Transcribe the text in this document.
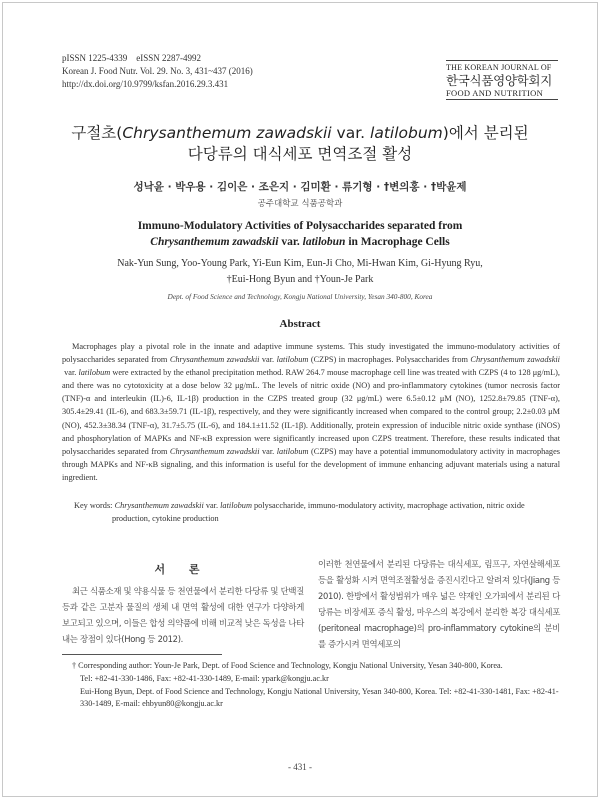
pISSN 1225-4339    eISSN 2287-4992
Korean J. Food Nutr. Vol. 29. No. 3, 431~437 (2016)
http://dx.doi.org/10.9799/ksfan.2016.29.3.431
THE KOREAN JOURNAL OF
한국식품영양학회지
FOOD AND NUTRITION
구절초(Chrysanthemum zawadskii var. latilobum)에서 분리된
다당류의 대식세포 면역조절 활성
성낙윤 · 박우용 · 김이은 · 조은지 · 김미환 · 류기형 · †변의홍 · †박윤제
공주대학교 식품공학과
Immuno-Modulatory Activities of Polysaccharides separated from
Chrysanthemum zawadskii var. latilobun in Macrophage Cells
Nak-Yun Sung, Yoo-Young Park, Yi-Eun Kim, Eun-Ji Cho, Mi-Hwan Kim, Gi-Hyung Ryu,
†Eui-Hong Byun and †Youn-Je Park
Dept. of Food Science and Technology, Kongju National University, Yesan 340-800, Korea
Abstract
Macrophages play a pivotal role in the innate and adaptive immune systems. This study investigated the immuno-modulatory activities of polysaccharides separated from Chrysanthemum zawadskii var. latilobum (CZPS) in macrophages. Polysaccharides from Chrysanthemum zawadskii var. latilobum were extracted by the ethanol precipitation method. RAW 264.7 mouse macrophage cell line was treated with CZPS (4 to 128 μg/mL), and there was no cytotoxicity at a dose below 32 μg/mL. The levels of nitric oxide (NO) and pro-inflammatory cytokines (tumor necrosis factor (TNF)-α and interleukin (IL)-6, IL-1β) production in the CZPS treated group (32 μg/mL) were 6.5±0.12 μM (NO), 1252.8±79.85 (TNF-α), 305.4±29.41 (IL-6), and 683.3±59.71 (IL-1β), respectively, and they were significantly increased when compared to the control group; 2.2±0.03 μM (NO), 452.3±38.34 (TNF-α), 31.7±5.75 (IL-6), and 184.1±11.52 (IL-1β). Additionally, protein expression of inducible nitric oxide synthase (iNOS) and phosphorylation of MAPKs and NF-κB expression were significantly increased upon CZPS treatment. Therefore, these results indicated that polysaccharides separated from Chrysanthemum zawadskii var. latilobum (CZPS) may have a potential immunomodulatory activity in macrophages through MAPKs and NF-κB signaling, and this information is useful for the development of immune enhancing adjuvant materials using a natural ingredient.
Key words: Chrysanthemum zawadskii var. latilobum polysaccharide, immuno-modulatory activity, macrophage activation, nitric oxide production, cytokine production
서 론
최근 식품소재 및 약용식물 등 천연물에서 분리한 다당류 및 단백질 등과 같은 고분자 물질의 생체 내 면역 활성에 대한 연구가 다양하게 보고되고 있으며, 이들은 합성 의약품에 비해 비교적 낮은 독성을 나타내는 장점이 있다(Hong 등 2012).
이러한 천연물에서 분리된 다당류는 대식세포, 림프구, 자연살해세포 등을 활성화 시켜 면역조절활성을 증진시킨다고 알려져 있다(Jiang 등 2010). 한방에서 활성범위가 매우 넓은 약재인 오가피에서 분리된 다당류는 비장세포 증식 활성, 마우스의 복강에서 분리한 복강 대식세포(peritoneal macrophage)의 pro-inflammatory cytokine의 분비를 증가시켜 면역세포의
† Corresponding author: Youn-Je Park, Dept. of Food Science and Technology, Kongju National University, Yesan 340-800, Korea.
Tel: +82-41-330-1486, Fax: +82-41-330-1489, E-mail: ypark@kongju.ac.kr
Eui-Hong Byun, Dept. of Food Science and Technology, Kongju National University, Yesan 340-800, Korea. Tel: +82-41-330-1481, Fax: +82-41-330-1489, E-mail: ehbyun80@kongju.ac.kr
- 431 -
